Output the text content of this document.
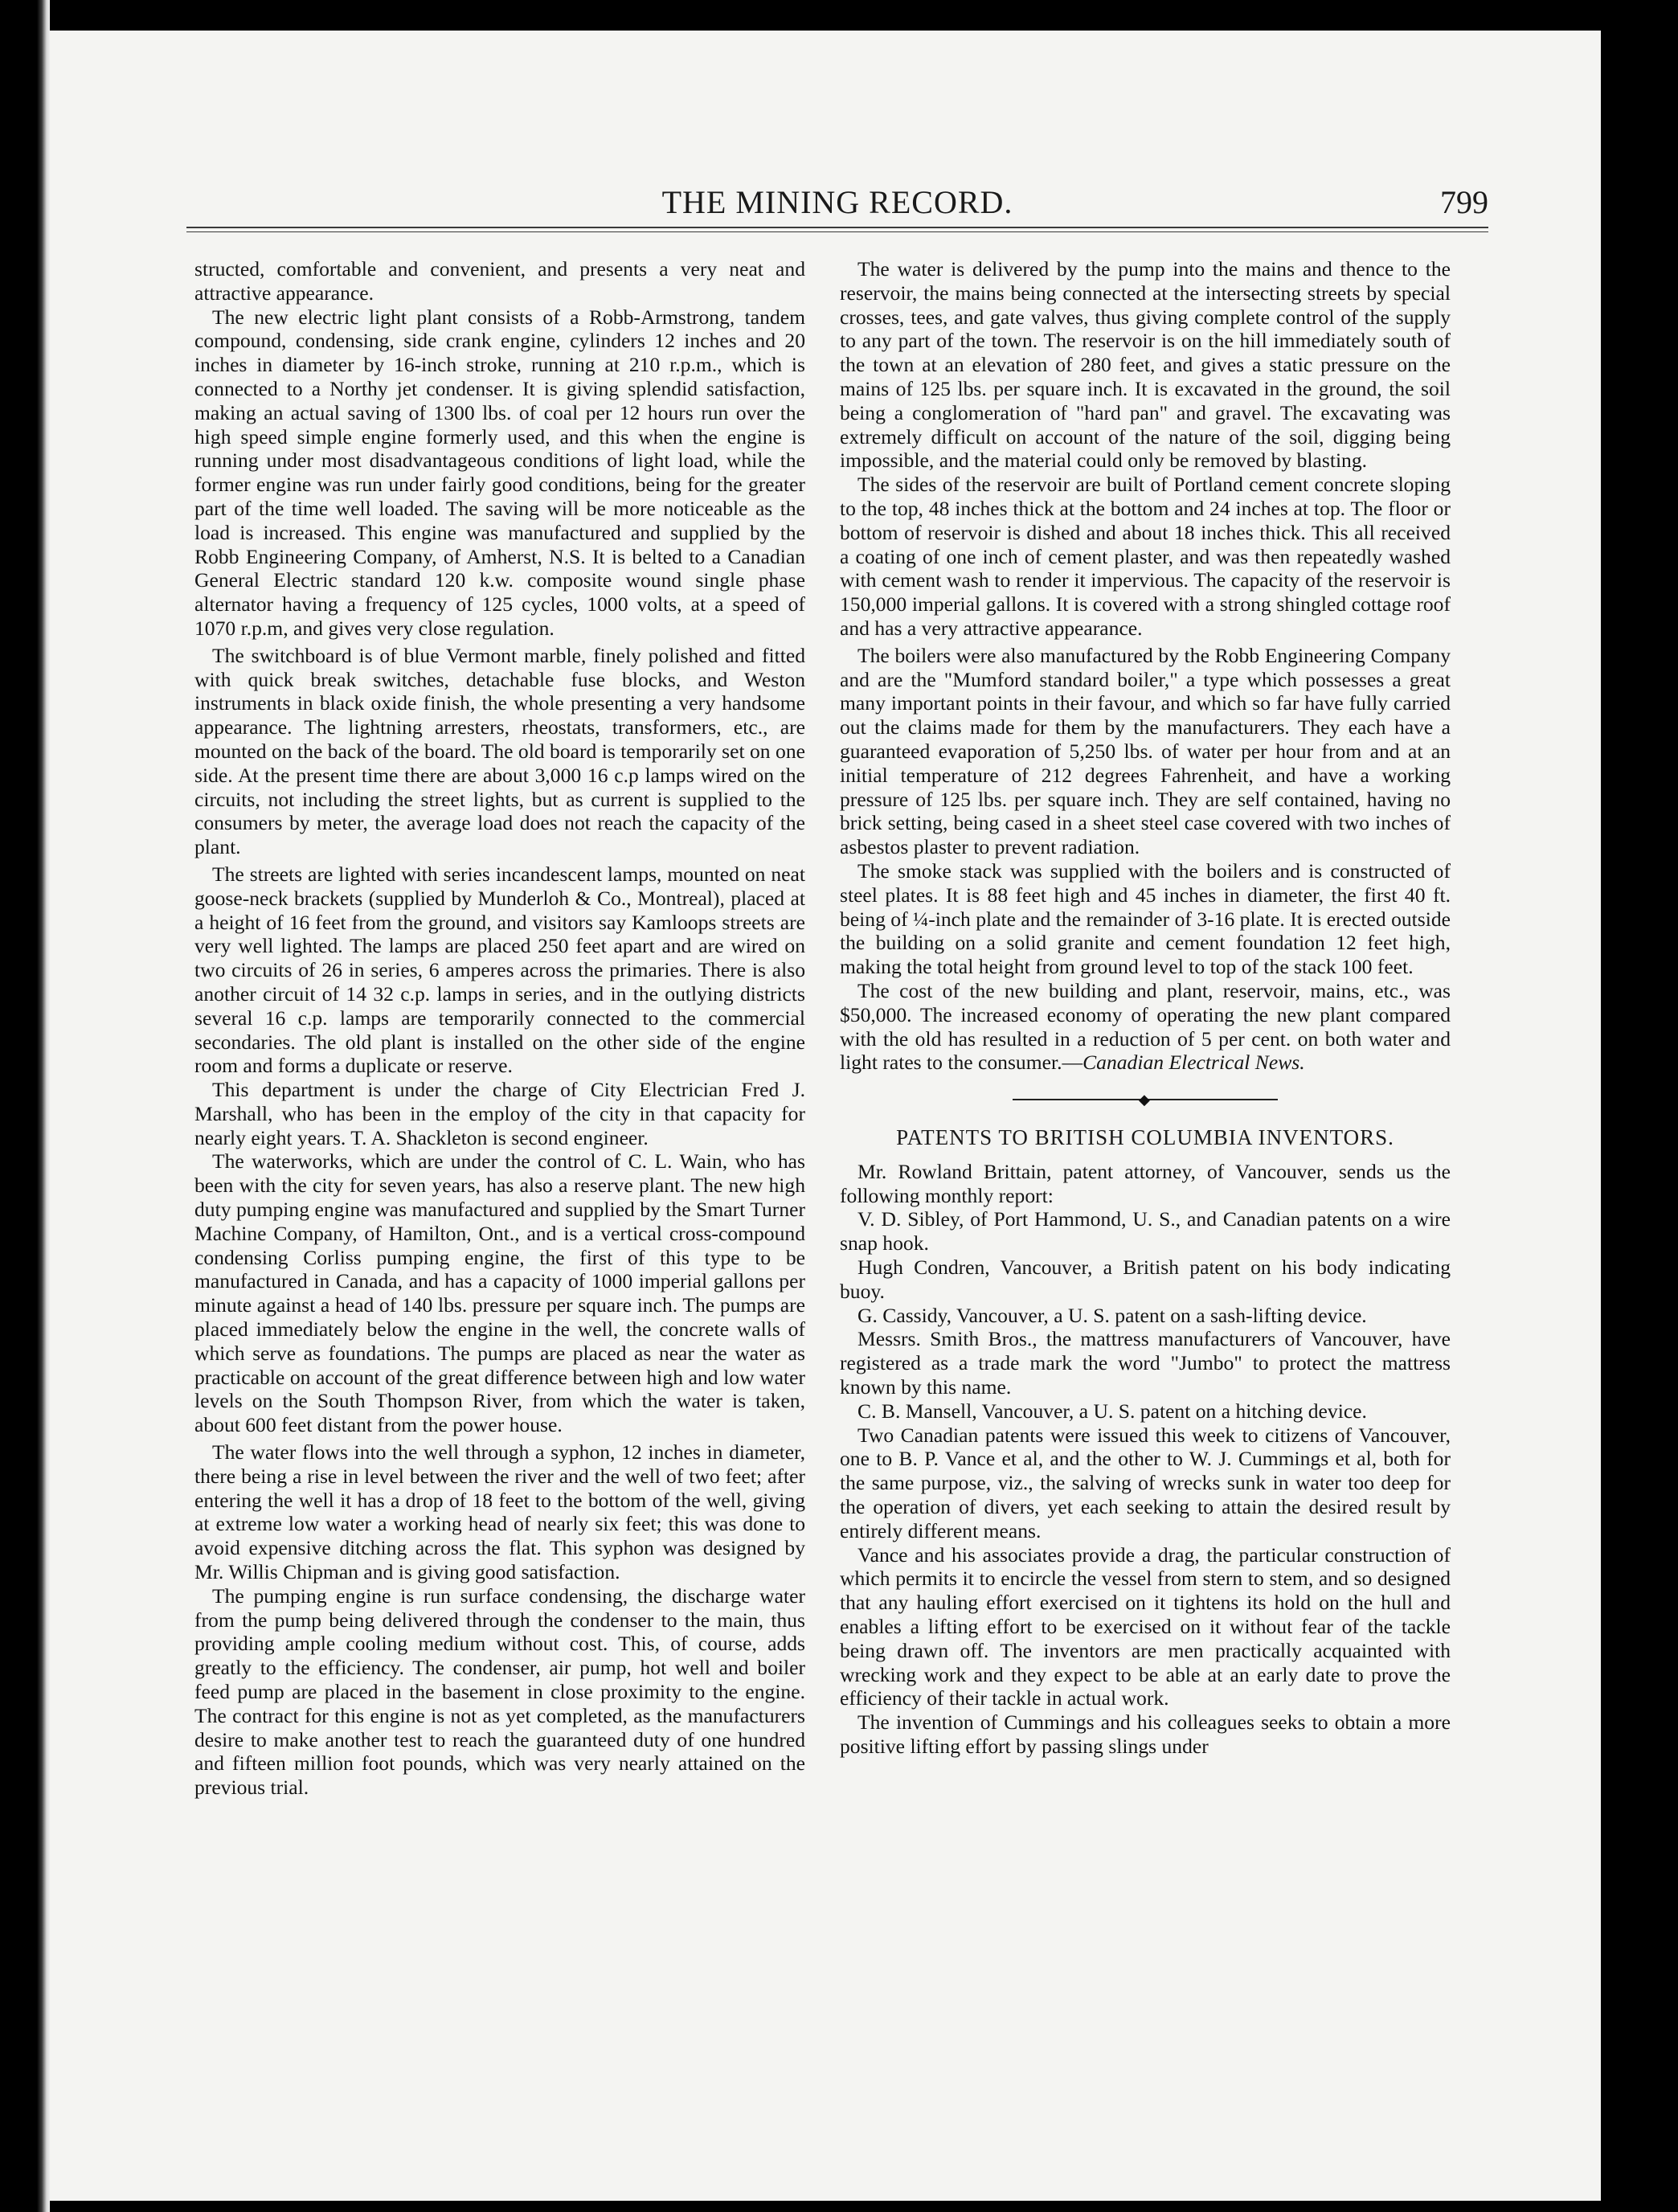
THE MINING RECORD.	799

structed, comfortable and convenient, and presents a very neat and attractive appearance.

The new electric light plant consists of a Robb-Armstrong, tandem compound, condensing, side crank engine, cylinders 12 inches and 20 inches in diameter by 16-inch stroke, running at 210 r.p.m., which is connected to a Northy jet condenser. It is giving splendid satisfaction, making an actual saving of 1300 lbs. of coal per 12 hours run over the high speed simple engine formerly used, and this when the engine is running under most disadvantageous conditions of light load, while the former engine was run under fairly good conditions, being for the greater part of the time well loaded. The saving will be more noticeable as the load is increased. This engine was manufactured and supplied by the Robb Engineering Company, of Amherst, N.S. It is belted to a Canadian General Electric standard 120 k.w. composite wound single phase alternator having a frequency of 125 cycles, 1000 volts, at a speed of 1070 r.p.m, and gives very close regulation.

The switchboard is of blue Vermont marble, finely polished and fitted with quick break switches, detachable fuse blocks, and Weston instruments in black oxide finish, the whole presenting a very handsome appearance. The lightning arresters, rheostats, transformers, etc., are mounted on the back of the board. The old board is temporarily set on one side. At the present time there are about 3,000 16 c.p lamps wired on the circuits, not including the street lights, but as current is supplied to the consumers by meter, the average load does not reach the capacity of the plant.

The streets are lighted with series incandescent lamps, mounted on neat goose-neck brackets (supplied by Munderloh & Co., Montreal), placed at a height of 16 feet from the ground, and visitors say Kamloops streets are very well lighted. The lamps are placed 250 feet apart and are wired on two circuits of 26 in series, 6 amperes across the primaries. There is also another circuit of 14 32 c.p. lamps in series, and in the outlying districts several 16 c.p. lamps are temporarily connected to the commercial secondaries. The old plant is installed on the other side of the engine room and forms a duplicate or reserve.

This department is under the charge of City Electrician Fred J. Marshall, who has been in the employ of the city in that capacity for nearly eight years. T. A. Shackleton is second engineer.

The waterworks, which are under the control of C. L. Wain, who has been with the city for seven years, has also a reserve plant. The new high duty pumping engine was manufactured and supplied by the Smart Turner Machine Company, of Hamilton, Ont., and is a vertical cross-compound condensing Corliss pumping engine, the first of this type to be manufactured in Canada, and has a capacity of 1000 imperial gallons per minute against a head of 140 lbs. pressure per square inch. The pumps are placed immediately below the engine in the well, the concrete walls of which serve as foundations. The pumps are placed as near the water as practicable on account of the great difference between high and low water levels on the South Thompson River, from which the water is taken, about 600 feet distant from the power house.

The water flows into the well through a syphon, 12 inches in diameter, there being a rise in level between the river and the well of two feet; after entering the well it has a drop of 18 feet to the bottom of the well, giving at extreme low water a working head of nearly six feet; this was done to avoid expensive ditching across the flat. This syphon was designed by Mr. Willis Chipman and is giving good satisfaction.

The pumping engine is run surface condensing, the discharge water from the pump being delivered through the condenser to the main, thus providing ample cooling medium without cost. This, of course, adds greatly to the efficiency. The condenser, air pump, hot well and boiler feed pump are placed in the basement in close proximity to the engine. The contract for this engine is not as yet completed, as the manufacturers desire to make another test to reach the guaranteed duty of one hundred and fifteen million foot pounds, which was very nearly attained on the previous trial.

The water is delivered by the pump into the mains and thence to the reservoir, the mains being connected at the intersecting streets by special crosses, tees, and gate valves, thus giving complete control of the supply to any part of the town. The reservoir is on the hill immediately south of the town at an elevation of 280 feet, and gives a static pressure on the mains of 125 lbs. per square inch. It is excavated in the ground, the soil being a conglomeration of "hard pan" and gravel. The excavating was extremely difficult on account of the nature of the soil, digging being impossible, and the material could only be removed by blasting.

The sides of the reservoir are built of Portland cement concrete sloping to the top, 48 inches thick at the bottom and 24 inches at top. The floor or bottom of reservoir is dished and about 18 inches thick. This all received a coating of one inch of cement plaster, and was then repeatedly washed with cement wash to render it impervious. The capacity of the reservoir is 150,000 imperial gallons. It is covered with a strong shingled cottage roof and has a very attractive appearance.

The boilers were also manufactured by the Robb Engineering Company and are the "Mumford standard boiler," a type which possesses a great many important points in their favour, and which so far have fully carried out the claims made for them by the manufacturers. They each have a guaranteed evaporation of 5,250 lbs. of water per hour from and at an initial temperature of 212 degrees Fahrenheit, and have a working pressure of 125 lbs. per square inch. They are self contained, having no brick setting, being cased in a sheet steel case covered with two inches of asbestos plaster to prevent radiation.

The smoke stack was supplied with the boilers and is constructed of steel plates. It is 88 feet high and 45 inches in diameter, the first 40 ft. being of ¼-inch plate and the remainder of 3-16 plate. It is erected outside the building on a solid granite and cement foundation 12 feet high, making the total height from ground level to top of the stack 100 feet.

The cost of the new building and plant, reservoir, mains, etc., was $50,000. The increased economy of operating the new plant compared with the old has resulted in a reduction of 5 per cent. on both water and light rates to the consumer.—Canadian Electrical News.

◆
PATENTS TO BRITISH COLUMBIA INVENTORS.

Mr. Rowland Brittain, patent attorney, of Vancouver, sends us the following monthly report:

V. D. Sibley, of Port Hammond, U. S., and Canadian patents on a wire snap hook.

Hugh Condren, Vancouver, a British patent on his body indicating buoy.

G. Cassidy, Vancouver, a U. S. patent on a sash-lifting device.

Messrs. Smith Bros., the mattress manufacturers of Vancouver, have registered as a trade mark the word "Jumbo" to protect the mattress known by this name.

C. B. Mansell, Vancouver, a U. S. patent on a hitching device.

Two Canadian patents were issued this week to citizens of Vancouver, one to B. P. Vance et al, and the other to W. J. Cummings et al, both for the same purpose, viz., the salving of wrecks sunk in water too deep for the operation of divers, yet each seeking to attain the desired result by entirely different means.

Vance and his associates provide a drag, the particular construction of which permits it to encircle the vessel from stern to stem, and so designed that any hauling effort exercised on it tightens its hold on the hull and enables a lifting effort to be exercised on it without fear of the tackle being drawn off. The inventors are men practically acquainted with wrecking work and they expect to be able at an early date to prove the efficiency of their tackle in actual work.

The invention of Cummings and his colleagues seeks to obtain a more positive lifting effort by passing slings under
